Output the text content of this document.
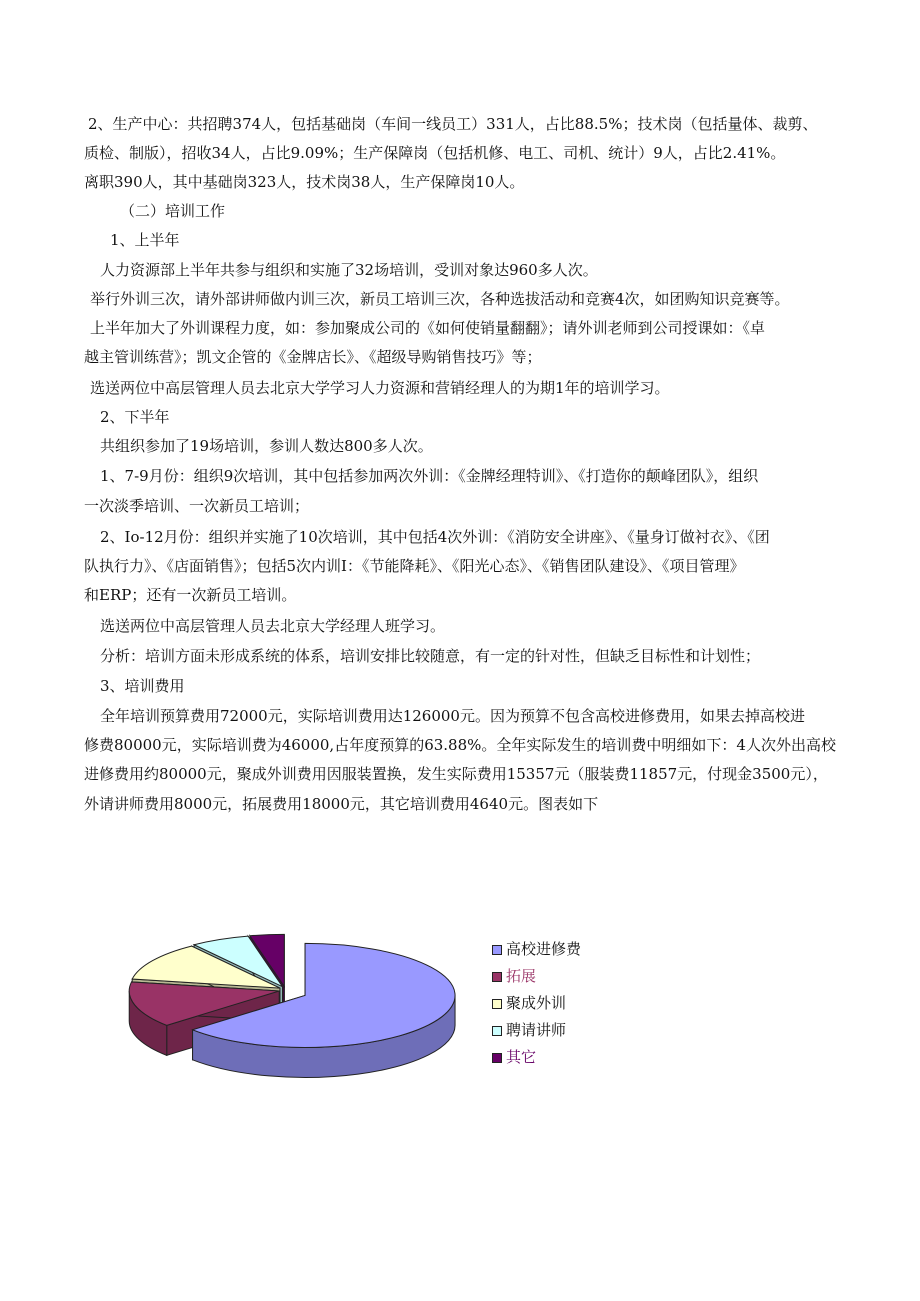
2、生产中心：共招聘374人，包括基础岗（车间一线员工）331人，占比88.5%；技术岗（包括量体、裁剪、
质检、制版），招收34人，占比9.09%；生产保障岗（包括机修、电工、司机、统计）9人，占比2.41%。
离职390人，其中基础岗323人，技术岗38人，生产保障岗10人。
（二）培训工作
1、上半年
人力资源部上半年共参与组织和实施了32场培训，受训对象达960多人次。
举行外训三次，请外部讲师做内训三次，新员工培训三次，各种选拔活动和竞赛4次，如团购知识竞赛等。
上半年加大了外训课程力度，如：参加聚成公司的《如何使销量翻翻》；请外训老师到公司授课如：《卓
越主管训练营》；凯文企管的《金牌店长》、《超级导购销售技巧》等；
选送两位中高层管理人员去北京大学学习人力资源和营销经理人的为期1年的培训学习。
2、下半年
共组织参加了19场培训，参训人数达800多人次。
1、7-9月份：组织9次培训，其中包括参加两次外训：《金牌经理特训》、《打造你的颠峰团队》，组织
一次淡季培训、一次新员工培训；
2、Io-12月份：组织并实施了10次培训，其中包括4次外训：《消防安全讲座》、《量身订做衬衣》、《团
队执行力》、《店面销售》；包括5次内训I：《节能降耗》、《阳光心态》、《销售团队建设》、《项目管理》
和ERP；还有一次新员工培训。
选送两位中高层管理人员去北京大学经理人班学习。
分析：培训方面未形成系统的体系，培训安排比较随意，有一定的针对性，但缺乏目标性和计划性；
3、培训费用
全年培训预算费用72000元，实际培训费用达126000元。因为预算不包含高校进修费用，如果去掉高校进
修费80000元，实际培训费为46000,占年度预算的63.88%。全年实际发生的培训费中明细如下：4人次外出高校
进修费用约80000元，聚成外训费用因服装置换，发生实际费用15357元（服装费11857元，付现金3500元），
外请讲师费用8000元，拓展费用18000元，其它培训费用4640元。图表如下
高校进修费
拓展
聚成外训
聘请讲师
其它
